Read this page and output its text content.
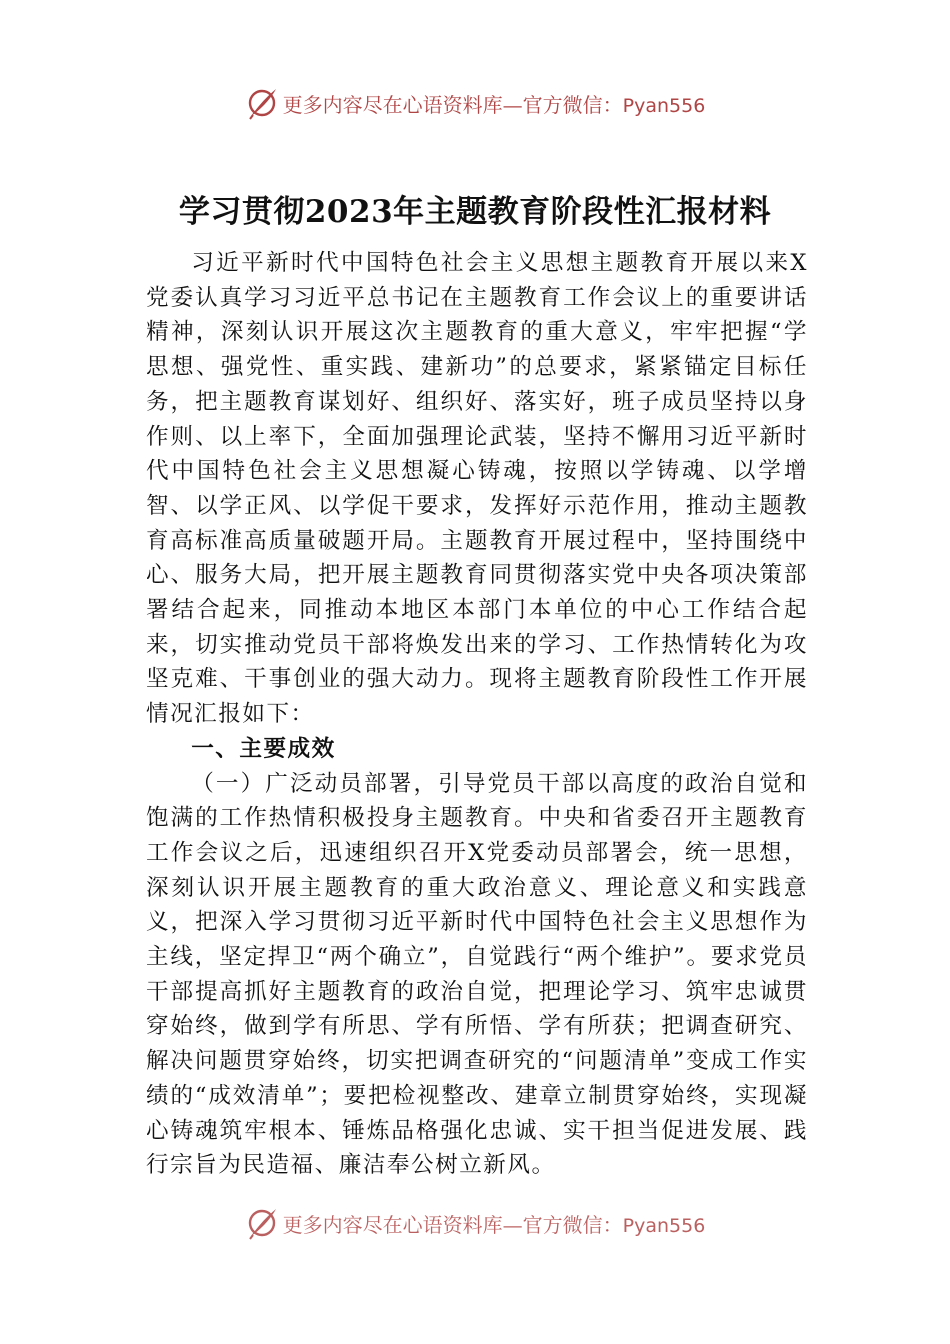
更多内容尽在心语资料库—官方微信：Pyan556
学习贯彻2023年主题教育阶段性汇报材料

习近平新时代中国特色社会主义思想主题教育开展以来X党委认真学习习近平总书记在主题教育工作会议上的重要讲话精神，深刻认识开展这次主题教育的重大意义，牢牢把握“学思想、强党性、重实践、建新功”的总要求，紧紧锚定目标任务，把主题教育谋划好、组织好、落实好，班子成员坚持以身作则、以上率下，全面加强理论武装，坚持不懈用习近平新时代中国特色社会主义思想凝心铸魂，按照以学铸魂、以学增智、以学正风、以学促干要求，发挥好示范作用，推动主题教育高标准高质量破题开局。主题教育开展过程中，坚持围绕中心、服务大局，把开展主题教育同贯彻落实党中央各项决策部署结合起来，同推动本地区本部门本单位的中心工作结合起来，切实推动党员干部将焕发出来的学习、工作热情转化为攻坚克难、干事创业的强大动力。现将主题教育阶段性工作开展情况汇报如下：

一、主要成效

（一）广泛动员部署，引导党员干部以高度的政治自觉和饱满的工作热情积极投身主题教育。中央和省委召开主题教育工作会议之后，迅速组织召开X党委动员部署会，统一思想，深刻认识开展主题教育的重大政治意义、理论意义和实践意义，把深入学习贯彻习近平新时代中国特色社会主义思想作为主线，坚定捍卫“两个确立”，自觉践行“两个维护”。要求党员干部提高抓好主题教育的政治自觉，把理论学习、筑牢忠诚贯穿始终，做到学有所思、学有所悟、学有所获；把调查研究、解决问题贯穿始终，切实把调查研究的“问题清单”变成工作实绩的“成效清单”；要把检视整改、建章立制贯穿始终，实现凝心铸魂筑牢根本、锤炼品格强化忠诚、实干担当促进发展、践行宗旨为民造福、廉洁奉公树立新风。

更多内容尽在心语资料库—官方微信：Pyan556
